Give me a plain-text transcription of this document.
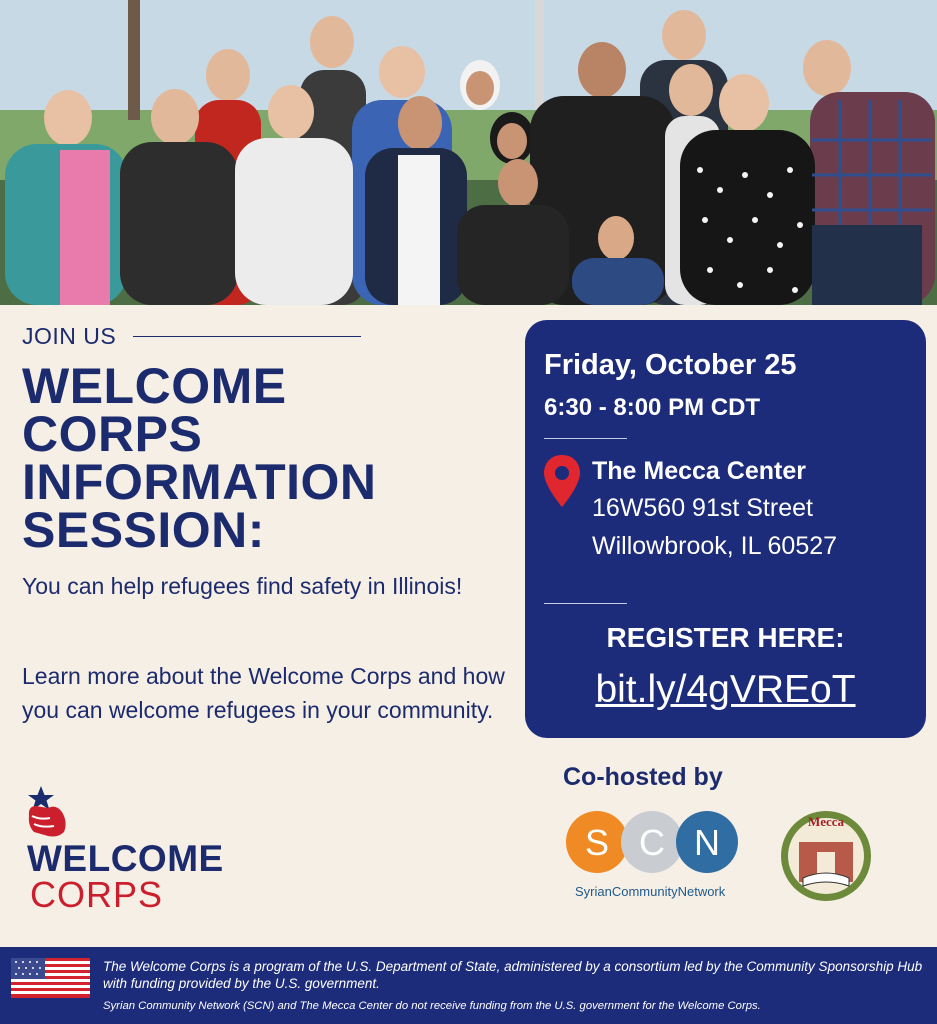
JOIN US
WELCOME
CORPS
INFORMATION
SESSION:
You can help refugees find safety in Illinois!
Learn more about the Welcome Corps and how you can welcome refugees in your community.
WELCOME
CORPS
Friday, October 25
6:30 - 8:00 PM CDT
The Mecca Center
16W560 91st Street
Willowbrook, IL 60527
REGISTER HERE:
bit.ly/4gVREoT
Co-hosted by
S C N
SyrianCommunityNetwork
Mecca
The Welcome Corps is a program of the U.S. Department of State, administered by a consortium led by the Community Sponsorship Hub with funding provided by the U.S. government.
Syrian Community Network (SCN) and The Mecca Center do not receive funding from the U.S. government for the Welcome Corps.
